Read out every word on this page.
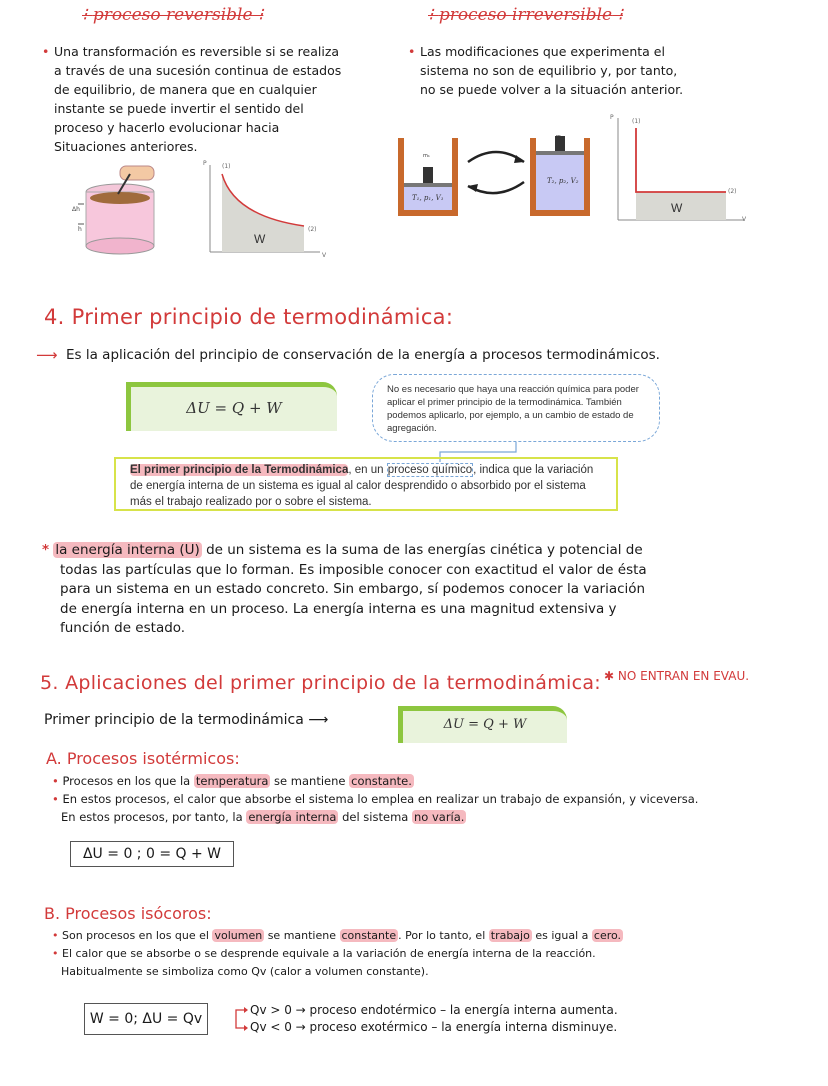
⁝ proceso reversible ⁝	⁝ proceso irreversible ⁝
• Una transformación es reversible si se realiza
a través de una sucesión continua de estados
de equilibrio, de manera que en cualquier
instante se puede invertir el sentido del
proceso y hacerlo evolucionar hacia
Situaciones anteriores.
• Las modificaciones que experimenta el
sistema no son de equilibrio y, por tanto,
no se puede volver a la situación anterior.
Δh
h
P
V
(1)
(2)
W
m₁
m₂
T₁, p₁, V₁
T₂, p₂, V₂
P
V
(1)
(2)
W
4. Primer principio de termodinámica:
⟶ Es la aplicación del principio de conservación de la energía a procesos termodinámicos.
ΔU = Q + W
No es necesario que haya una reacción química para poder aplicar el primer principio de la termodinámica. También podemos aplicarlo, por ejemplo, a un cambio de estado de agregación.
El primer principio de la Termodinámica, en un proceso químico, indica que la variación de energía interna de un sistema es igual al calor desprendido o absorbido por el sistema más el trabajo realizado por o sobre el sistema.
* la energía interna (U) de un sistema es la suma de las energías cinética y potencial de
todas las partículas que lo forman. Es imposible conocer con exactitud el valor de ésta
para un sistema en un estado concreto. Sin embargo, sí podemos conocer la variación
de energía interna en un proceso. La energía interna es una magnitud extensiva y
función de estado.
5. Aplicaciones del primer principio de la termodinámica: ✱ NO ENTRAN EN EVAU.
Primer principio de la termodinámica ⟶	ΔU = Q + W
A. Procesos isotérmicos:
• Procesos en los que la temperatura se mantiene constante.
• En estos procesos, el calor que absorbe el sistema lo emplea en realizar un trabajo de expansión, y viceversa.
En estos procesos, por tanto, la energía interna del sistema no varía.
ΔU = 0 ; 0 = Q + W
B. Procesos isócoros:
• Son procesos en los que el volumen se mantiene constante . Por lo tanto, el trabajo es igual a cero.
• El calor que se absorbe o se desprende equivale a la variación de energía interna de la reacción.
Habitualmente se simboliza como Qv (calor a volumen constante).
W = 0; ΔU = Qv
Qv > 0 → proceso endotérmico – la energía interna aumenta.
Qv < 0 → proceso exotérmico – la energía interna disminuye.
